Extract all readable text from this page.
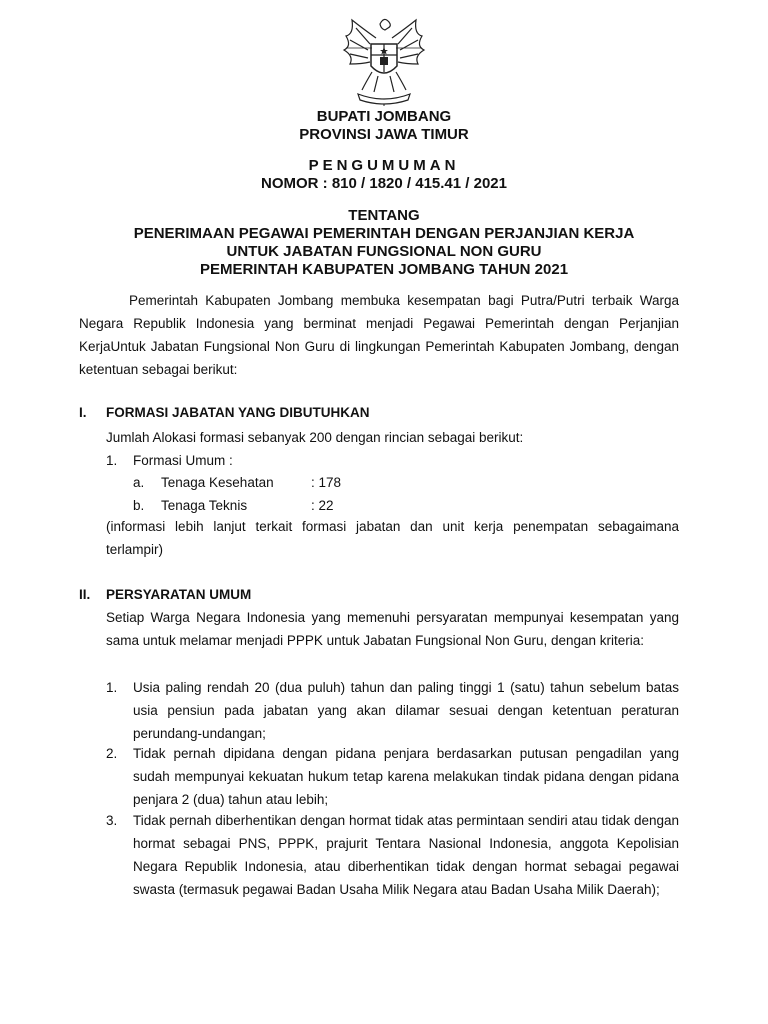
BUPATI JOMBANG

PROVINSI JAWA TIMUR

PENGUMUMAN

NOMOR : 810 / 1820 / 415.41 / 2021

TENTANG

PENERIMAAN PEGAWAI PEMERINTAH DENGAN PERJANJIAN KERJA

UNTUK JABATAN FUNGSIONAL NON GURU

PEMERINTAH KABUPATEN JOMBANG TAHUN 2021

Pemerintah Kabupaten Jombang membuka kesempatan bagi Putra/Putri terbaik Warga Negara Republik Indonesia yang berminat menjadi Pegawai Pemerintah dengan Perjanjian KerjaUntuk Jabatan Fungsional Non Guru di lingkungan Pemerintah Kabupaten Jombang, dengan ketentuan sebagai berikut:
I. FORMASI JABATAN YANG DIBUTUHKAN
Jumlah Alokasi formasi sebanyak 200 dengan rincian sebagai berikut:
1. Formasi Umum :
a. Tenaga Kesehatan	: 178
b. Tenaga Teknis	: 22
(informasi lebih lanjut terkait formasi jabatan dan unit kerja penempatan sebagaimana terlampir)
II. PERSYARATAN UMUM
Setiap Warga Negara Indonesia yang memenuhi persyaratan mempunyai kesempatan yang sama untuk melamar menjadi PPPK untuk Jabatan Fungsional Non Guru, dengan kriteria:
1. Usia paling rendah 20 (dua puluh) tahun dan paling tinggi 1 (satu) tahun sebelum batas usia pensiun pada jabatan yang akan dilamar sesuai dengan ketentuan peraturan perundang-undangan;
2. Tidak pernah dipidana dengan pidana penjara berdasarkan putusan pengadilan yang sudah mempunyai kekuatan hukum tetap karena melakukan tindak pidana dengan pidana penjara 2 (dua) tahun atau lebih;
3. Tidak pernah diberhentikan dengan hormat tidak atas permintaan sendiri atau tidak dengan hormat sebagai PNS, PPPK, prajurit Tentara Nasional Indonesia, anggota Kepolisian Negara Republik Indonesia, atau diberhentikan tidak dengan hormat sebagai pegawai swasta (termasuk pegawai Badan Usaha Milik Negara atau Badan Usaha Milik Daerah);
